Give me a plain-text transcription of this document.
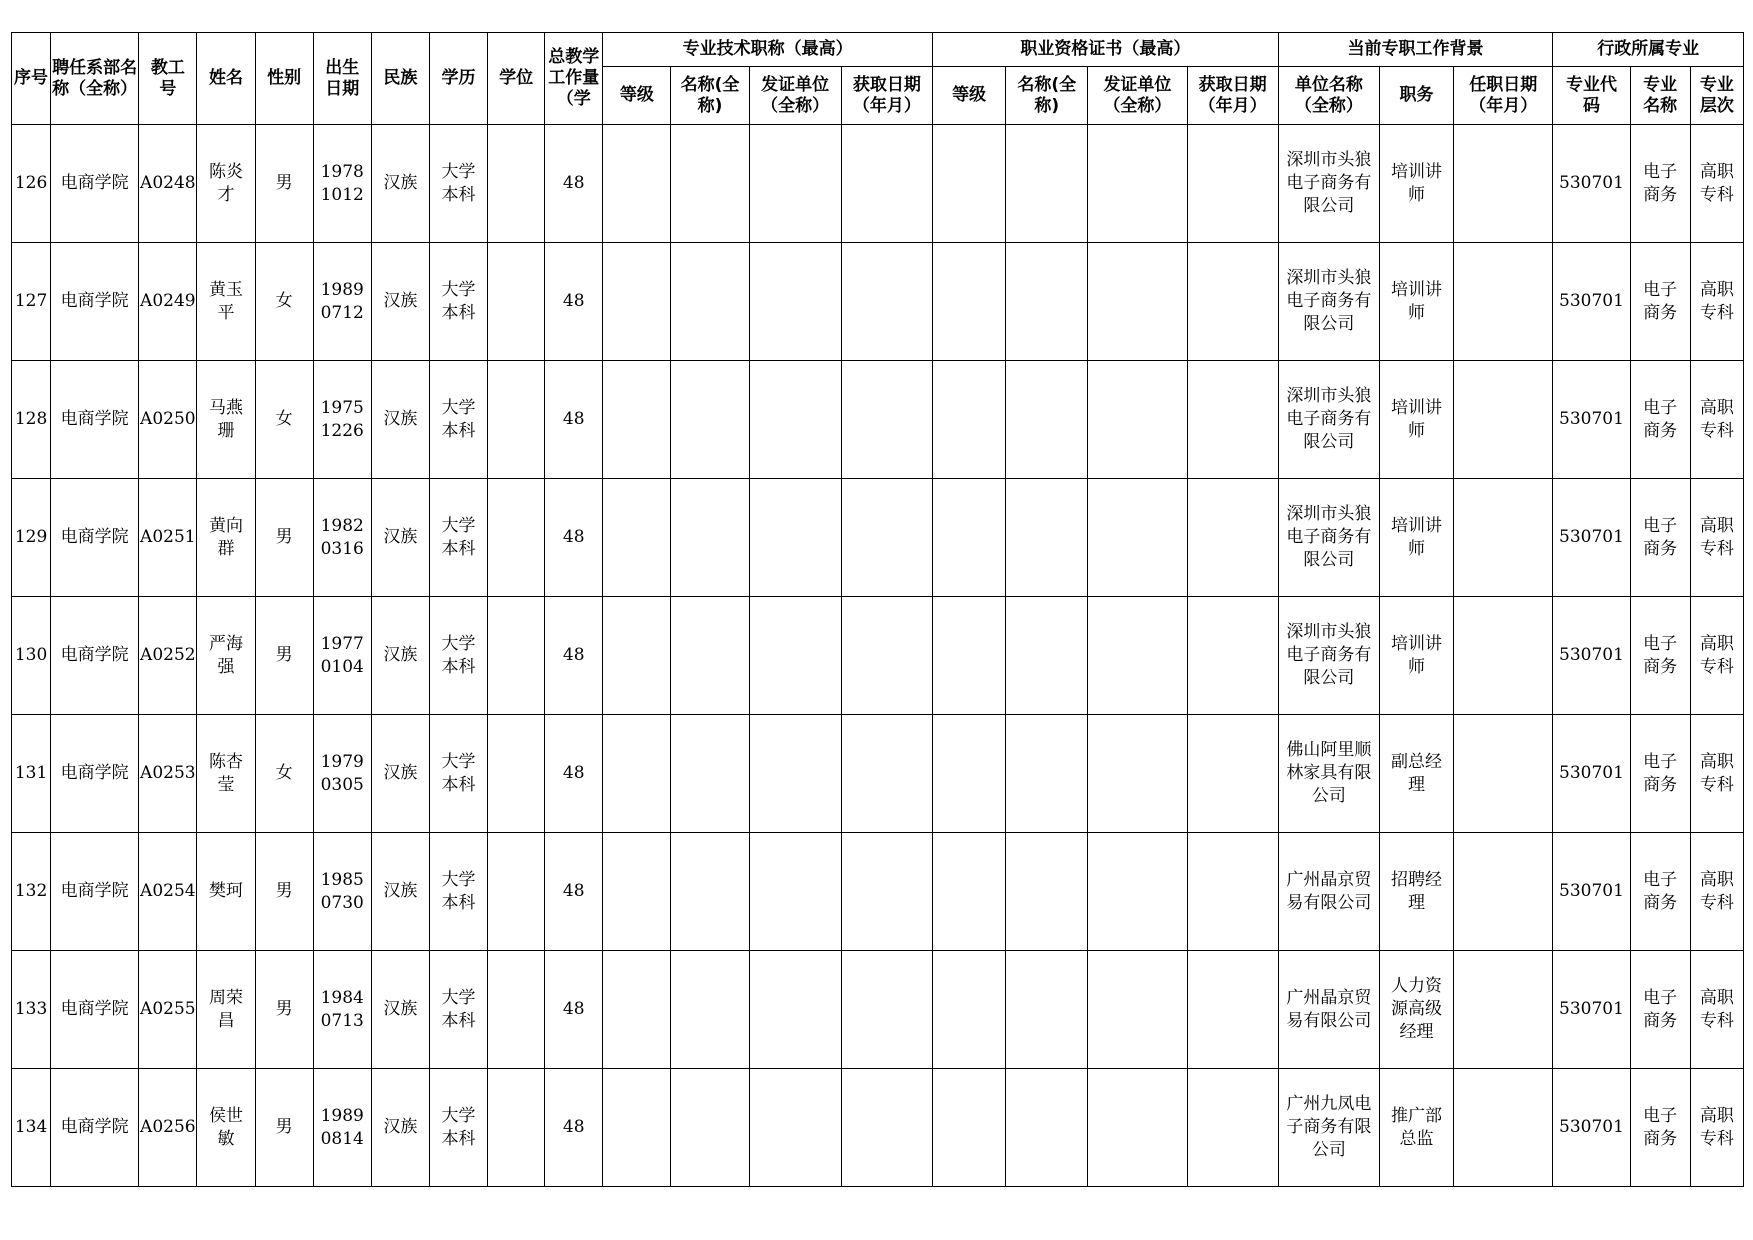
序号	聘任系部名称（全称）	教工号	姓名	性别	出生日期	民族	学历	学位	总教学工作量（学	专业技术职称（最高）				职业资格证书（最高）				当前专职工作背景			行政所属专业		
										等级	名称(全称)	发证单位（全称）	获取日期（年月）	等级	名称(全称)	发证单位（全称）	获取日期（年月）	单位名称（全称）	职务	任职日期（年月）	专业代码	专业名称	专业层次
126	电商学院	A0248	陈炎才	男	19781012	汉族	大学本科		48									深圳市头狼电子商务有限公司	培训讲师		530701	电子商务	高职专科
127	电商学院	A0249	黄玉平	女	19890712	汉族	大学本科		48									深圳市头狼电子商务有限公司	培训讲师		530701	电子商务	高职专科
128	电商学院	A0250	马燕珊	女	19751226	汉族	大学本科		48									深圳市头狼电子商务有限公司	培训讲师		530701	电子商务	高职专科
129	电商学院	A0251	黄向群	男	19820316	汉族	大学本科		48									深圳市头狼电子商务有限公司	培训讲师		530701	电子商务	高职专科
130	电商学院	A0252	严海强	男	19770104	汉族	大学本科		48									深圳市头狼电子商务有限公司	培训讲师		530701	电子商务	高职专科
131	电商学院	A0253	陈杏莹	女	19790305	汉族	大学本科		48									佛山阿里顺林家具有限公司	副总经理		530701	电子商务	高职专科
132	电商学院	A0254	樊珂	男	19850730	汉族	大学本科		48									广州晶京贸易有限公司	招聘经理		530701	电子商务	高职专科
133	电商学院	A0255	周荣昌	男	19840713	汉族	大学本科		48									广州晶京贸易有限公司	人力资源高级经理		530701	电子商务	高职专科
134	电商学院	A0256	侯世敏	男	19890814	汉族	大学本科		48									广州九凤电子商务有限公司	推广部总监		530701	电子商务	高职专科
